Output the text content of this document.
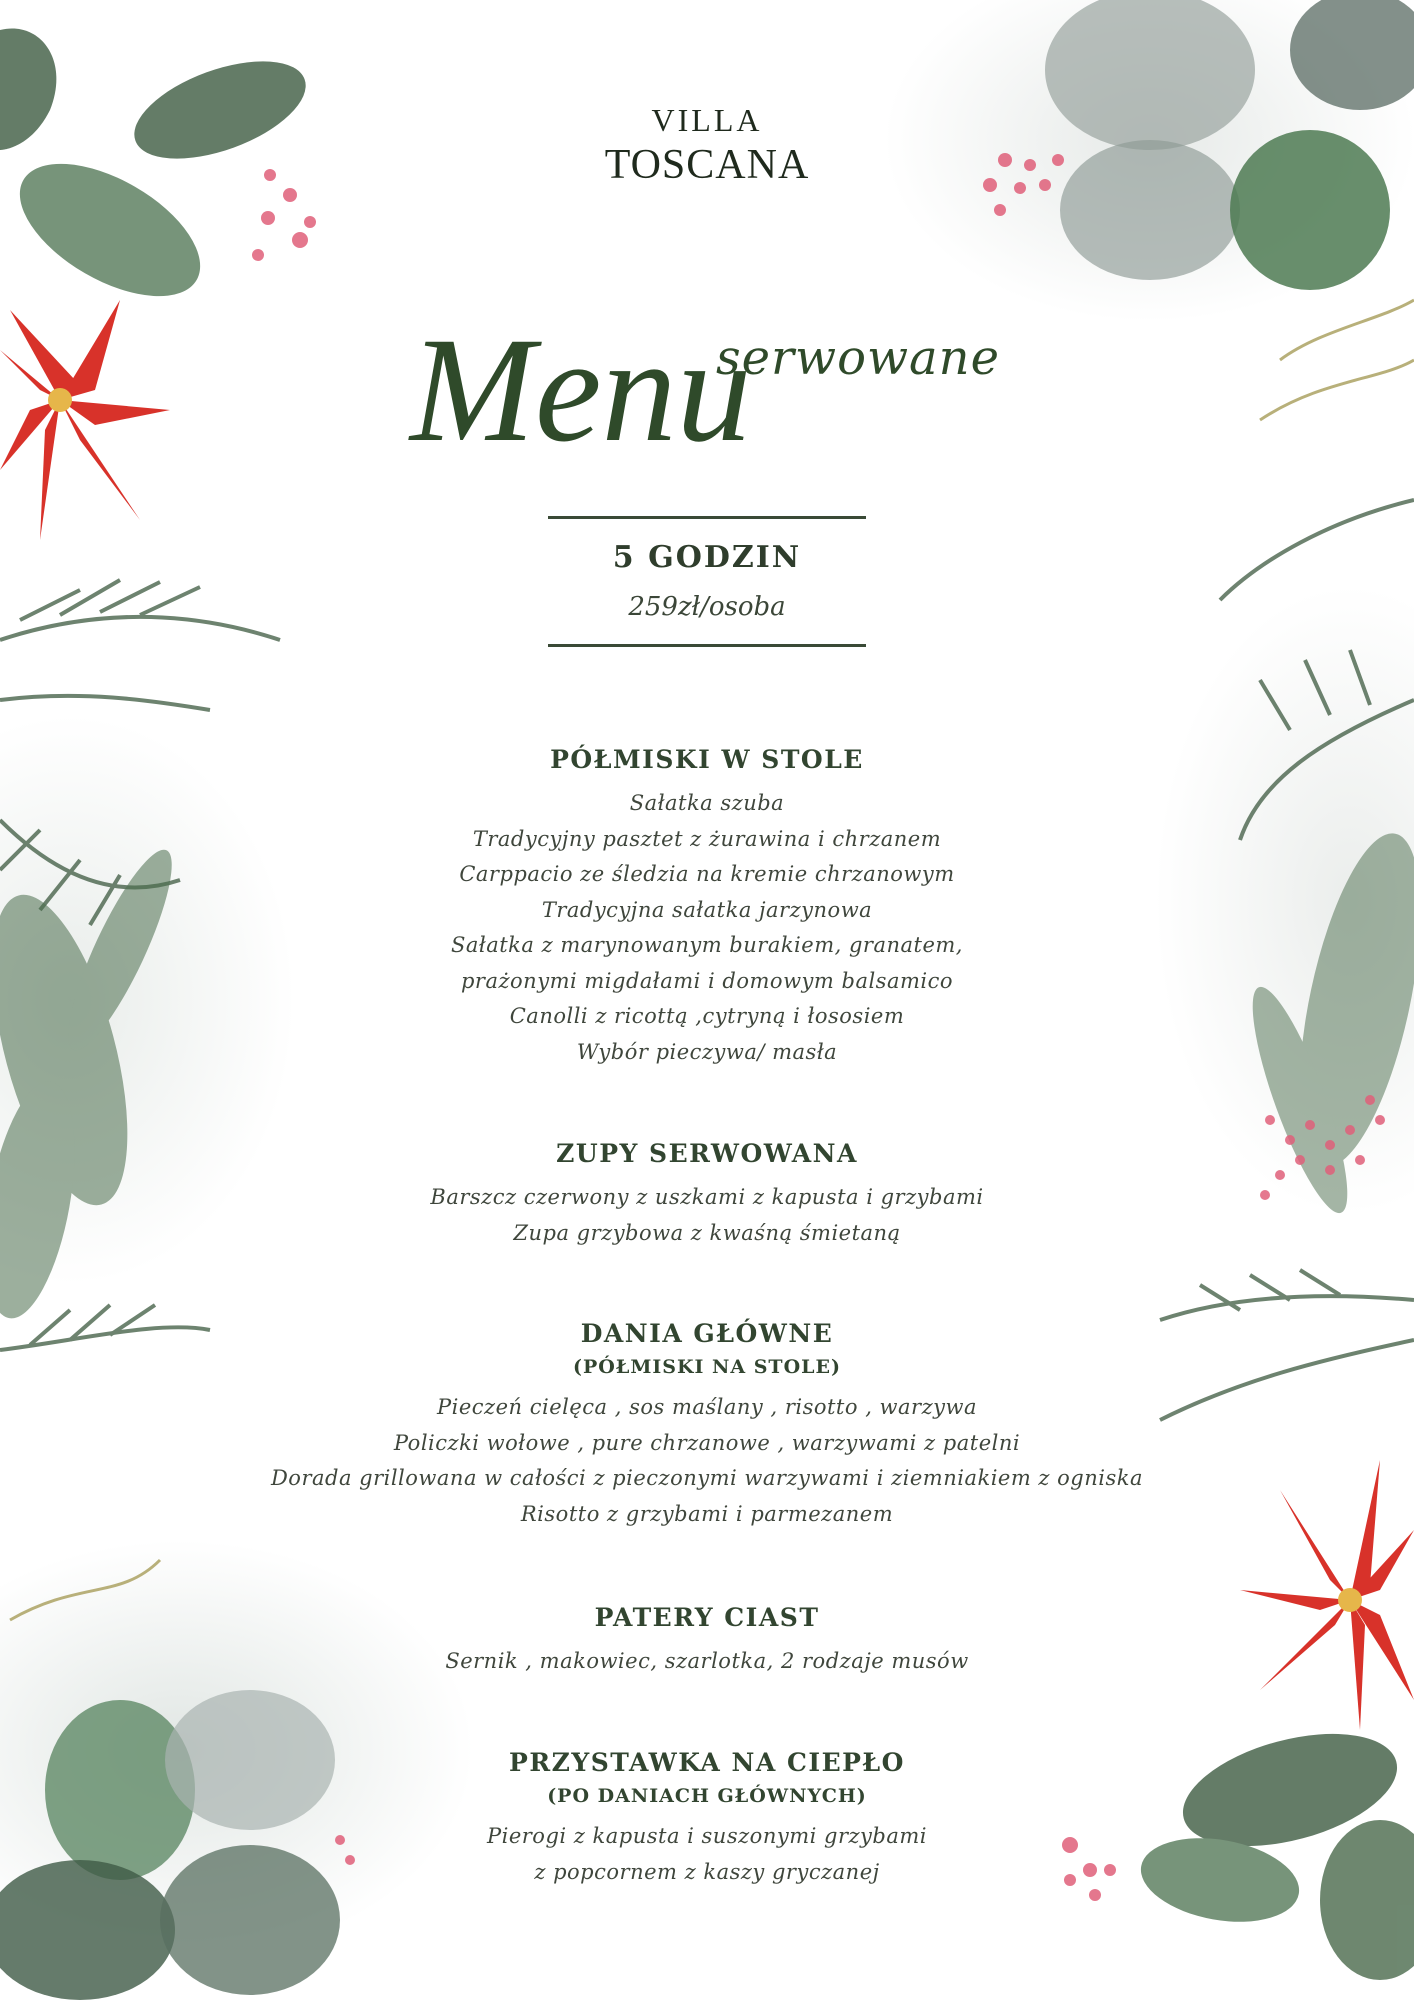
VILLA
TOSCANA
Menu
serwowane
5 GODZIN
259zł/osoba

PÓŁMISKI W STOLE

Sałatka szuba
Tradycyjny pasztet z żurawina i chrzanem
Carppacio ze śledzia na kremie chrzanowym
Tradycyjna sałatka jarzynowa
Sałatka z marynowanym burakiem, granatem,
prażonymi migdałami i domowym balsamico
Canolli z ricottą ,cytryną i łososiem
Wybór pieczywa/ masła

ZUPY SERWOWANA

Barszcz czerwony z uszkami z kapusta i grzybami
Zupa grzybowa z kwaśną śmietaną

DANIA GŁÓWNE

(PÓŁMISKI NA STOLE)

Pieczeń cielęca , sos maślany , risotto , warzywa
Policzki wołowe , pure chrzanowe , warzywami z patelni
Dorada grillowana w całości z pieczonymi warzywami i ziemniakiem z ogniska
Risotto z grzybami i parmezanem

PATERY CIAST

Sernik , makowiec, szarlotka, 2 rodzaje musów

PRZYSTAWKA NA CIEPŁO

(PO DANIACH GŁÓWNYCH)

Pierogi z kapusta i suszonymi grzybami
z popcornem z kaszy gryczanej
